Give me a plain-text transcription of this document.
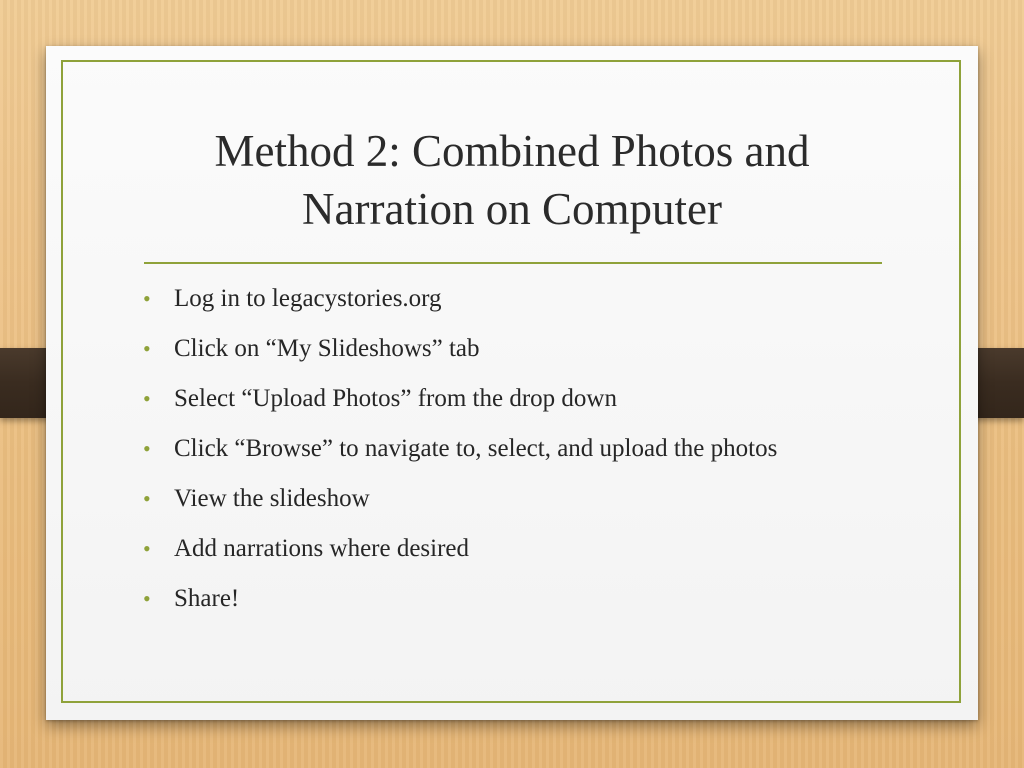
Method 2: Combined Photos and
Narration on Computer
• Log in to legacystories.org
• Click on “My Slideshows” tab
• Select “Upload Photos” from the drop down
• Click “Browse” to navigate to, select, and upload the photos
• View the slideshow
• Add narrations where desired
• Share!
